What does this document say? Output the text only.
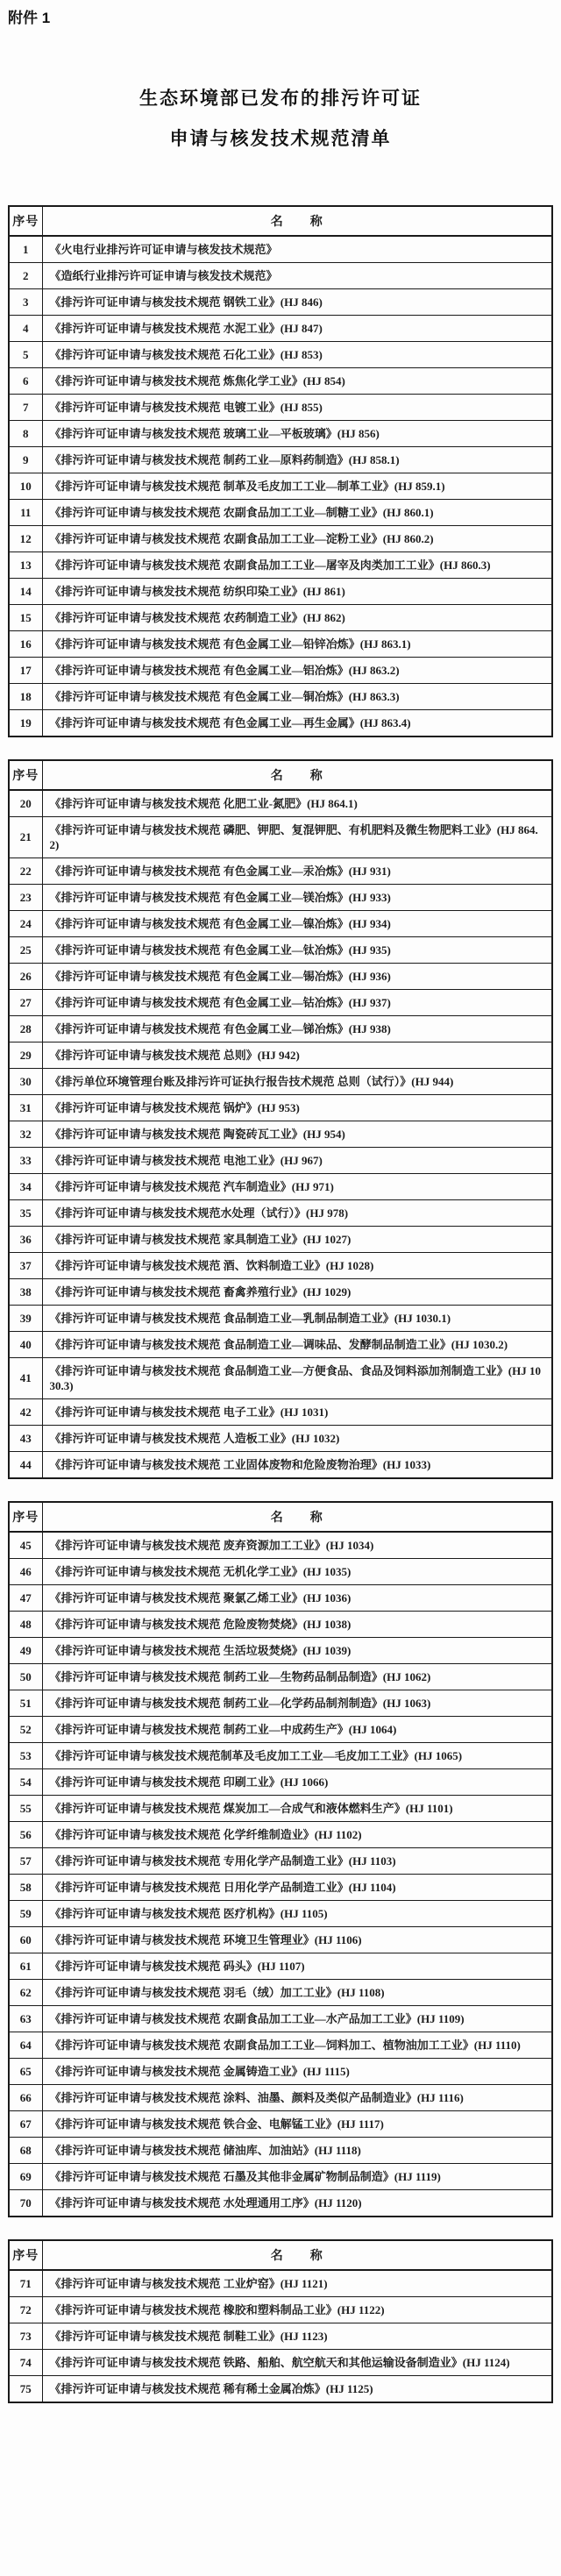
附件 1
生态环境部已发布的排污许可证
申请与核发技术规范清单
序号	名　　称
1	《火电行业排污许可证申请与核发技术规范》
2	《造纸行业排污许可证申请与核发技术规范》
3	《排污许可证申请与核发技术规范 钢铁工业》(HJ 846)
4	《排污许可证申请与核发技术规范 水泥工业》(HJ 847)
5	《排污许可证申请与核发技术规范 石化工业》(HJ 853)
6	《排污许可证申请与核发技术规范 炼焦化学工业》(HJ 854)
7	《排污许可证申请与核发技术规范 电镀工业》(HJ 855)
8	《排污许可证申请与核发技术规范 玻璃工业—平板玻璃》(HJ 856)
9	《排污许可证申请与核发技术规范 制药工业—原料药制造》(HJ 858.1)
10	《排污许可证申请与核发技术规范 制革及毛皮加工工业—制革工业》(HJ 859.1)
11	《排污许可证申请与核发技术规范 农副食品加工工业—制糖工业》(HJ 860.1)
12	《排污许可证申请与核发技术规范 农副食品加工工业—淀粉工业》(HJ 860.2)
13	《排污许可证申请与核发技术规范 农副食品加工工业—屠宰及肉类加工工业》(HJ 860.3)
14	《排污许可证申请与核发技术规范 纺织印染工业》(HJ 861)
15	《排污许可证申请与核发技术规范 农药制造工业》(HJ 862)
16	《排污许可证申请与核发技术规范 有色金属工业—铅锌冶炼》(HJ 863.1)
17	《排污许可证申请与核发技术规范 有色金属工业—铝冶炼》(HJ 863.2)
18	《排污许可证申请与核发技术规范 有色金属工业—铜冶炼》(HJ 863.3)
19	《排污许可证申请与核发技术规范 有色金属工业—再生金属》(HJ 863.4)
序号	名　　称
20	《排污许可证申请与核发技术规范 化肥工业-氮肥》(HJ 864.1)
21	《排污许可证申请与核发技术规范 磷肥、钾肥、复混钾肥、有机肥料及微生物肥料工业》(HJ 864.2)
22	《排污许可证申请与核发技术规范 有色金属工业—汞冶炼》(HJ 931)
23	《排污许可证申请与核发技术规范 有色金属工业—镁冶炼》(HJ 933)
24	《排污许可证申请与核发技术规范 有色金属工业—镍冶炼》(HJ 934)
25	《排污许可证申请与核发技术规范 有色金属工业—钛冶炼》(HJ 935)
26	《排污许可证申请与核发技术规范 有色金属工业—锡冶炼》(HJ 936)
27	《排污许可证申请与核发技术规范 有色金属工业—钴冶炼》(HJ 937)
28	《排污许可证申请与核发技术规范 有色金属工业—锑冶炼》(HJ 938)
29	《排污许可证申请与核发技术规范 总则》(HJ 942)
30	《排污单位环境管理台账及排污许可证执行报告技术规范 总则（试行）》(HJ 944)
31	《排污许可证申请与核发技术规范 锅炉》(HJ 953)
32	《排污许可证申请与核发技术规范 陶瓷砖瓦工业》(HJ 954)
33	《排污许可证申请与核发技术规范 电池工业》(HJ 967)
34	《排污许可证申请与核发技术规范 汽车制造业》(HJ 971)
35	《排污许可证申请与核发技术规范水处理（试行）》(HJ 978)
36	《排污许可证申请与核发技术规范 家具制造工业》(HJ 1027)
37	《排污许可证申请与核发技术规范 酒、饮料制造工业》(HJ 1028)
38	《排污许可证申请与核发技术规范 畜禽养殖行业》(HJ 1029)
39	《排污许可证申请与核发技术规范 食品制造工业—乳制品制造工业》(HJ 1030.1)
40	《排污许可证申请与核发技术规范 食品制造工业—调味品、发酵制品制造工业》(HJ 1030.2)
41	《排污许可证申请与核发技术规范 食品制造工业—方便食品、食品及饲料添加剂制造工业》(HJ 1030.3)
42	《排污许可证申请与核发技术规范 电子工业》(HJ 1031)
43	《排污许可证申请与核发技术规范 人造板工业》(HJ 1032)
44	《排污许可证申请与核发技术规范 工业固体废物和危险废物治理》(HJ 1033)
序号	名　　称
45	《排污许可证申请与核发技术规范 废弃资源加工工业》(HJ 1034)
46	《排污许可证申请与核发技术规范 无机化学工业》(HJ 1035)
47	《排污许可证申请与核发技术规范 聚氯乙烯工业》(HJ 1036)
48	《排污许可证申请与核发技术规范 危险废物焚烧》(HJ 1038)
49	《排污许可证申请与核发技术规范 生活垃圾焚烧》(HJ 1039)
50	《排污许可证申请与核发技术规范 制药工业—生物药品制品制造》(HJ 1062)
51	《排污许可证申请与核发技术规范 制药工业—化学药品制剂制造》(HJ 1063)
52	《排污许可证申请与核发技术规范 制药工业—中成药生产》(HJ 1064)
53	《排污许可证申请与核发技术规范制革及毛皮加工工业—毛皮加工工业》(HJ 1065)
54	《排污许可证申请与核发技术规范 印刷工业》(HJ 1066)
55	《排污许可证申请与核发技术规范 煤炭加工—合成气和液体燃料生产》(HJ 1101)
56	《排污许可证申请与核发技术规范 化学纤维制造业》(HJ 1102)
57	《排污许可证申请与核发技术规范 专用化学产品制造工业》(HJ 1103)
58	《排污许可证申请与核发技术规范 日用化学产品制造工业》(HJ 1104)
59	《排污许可证申请与核发技术规范 医疗机构》(HJ 1105)
60	《排污许可证申请与核发技术规范 环境卫生管理业》(HJ 1106)
61	《排污许可证申请与核发技术规范 码头》(HJ 1107)
62	《排污许可证申请与核发技术规范 羽毛（绒）加工工业》(HJ 1108)
63	《排污许可证申请与核发技术规范 农副食品加工工业—水产品加工工业》(HJ 1109)
64	《排污许可证申请与核发技术规范 农副食品加工工业—饲料加工、植物油加工工业》(HJ 1110)
65	《排污许可证申请与核发技术规范 金属铸造工业》(HJ 1115)
66	《排污许可证申请与核发技术规范 涂料、油墨、颜料及类似产品制造业》(HJ 1116)
67	《排污许可证申请与核发技术规范 铁合金、电解锰工业》(HJ 1117)
68	《排污许可证申请与核发技术规范 储油库、加油站》(HJ 1118)
69	《排污许可证申请与核发技术规范 石墨及其他非金属矿物制品制造》(HJ 1119)
70	《排污许可证申请与核发技术规范 水处理通用工序》(HJ 1120)
序号	名　　称
71	《排污许可证申请与核发技术规范 工业炉窑》(HJ 1121)
72	《排污许可证申请与核发技术规范 橡胶和塑料制品工业》(HJ 1122)
73	《排污许可证申请与核发技术规范 制鞋工业》(HJ 1123)
74	《排污许可证申请与核发技术规范 铁路、船舶、航空航天和其他运输设备制造业》(HJ 1124)
75	《排污许可证申请与核发技术规范 稀有稀土金属冶炼》(HJ 1125)
